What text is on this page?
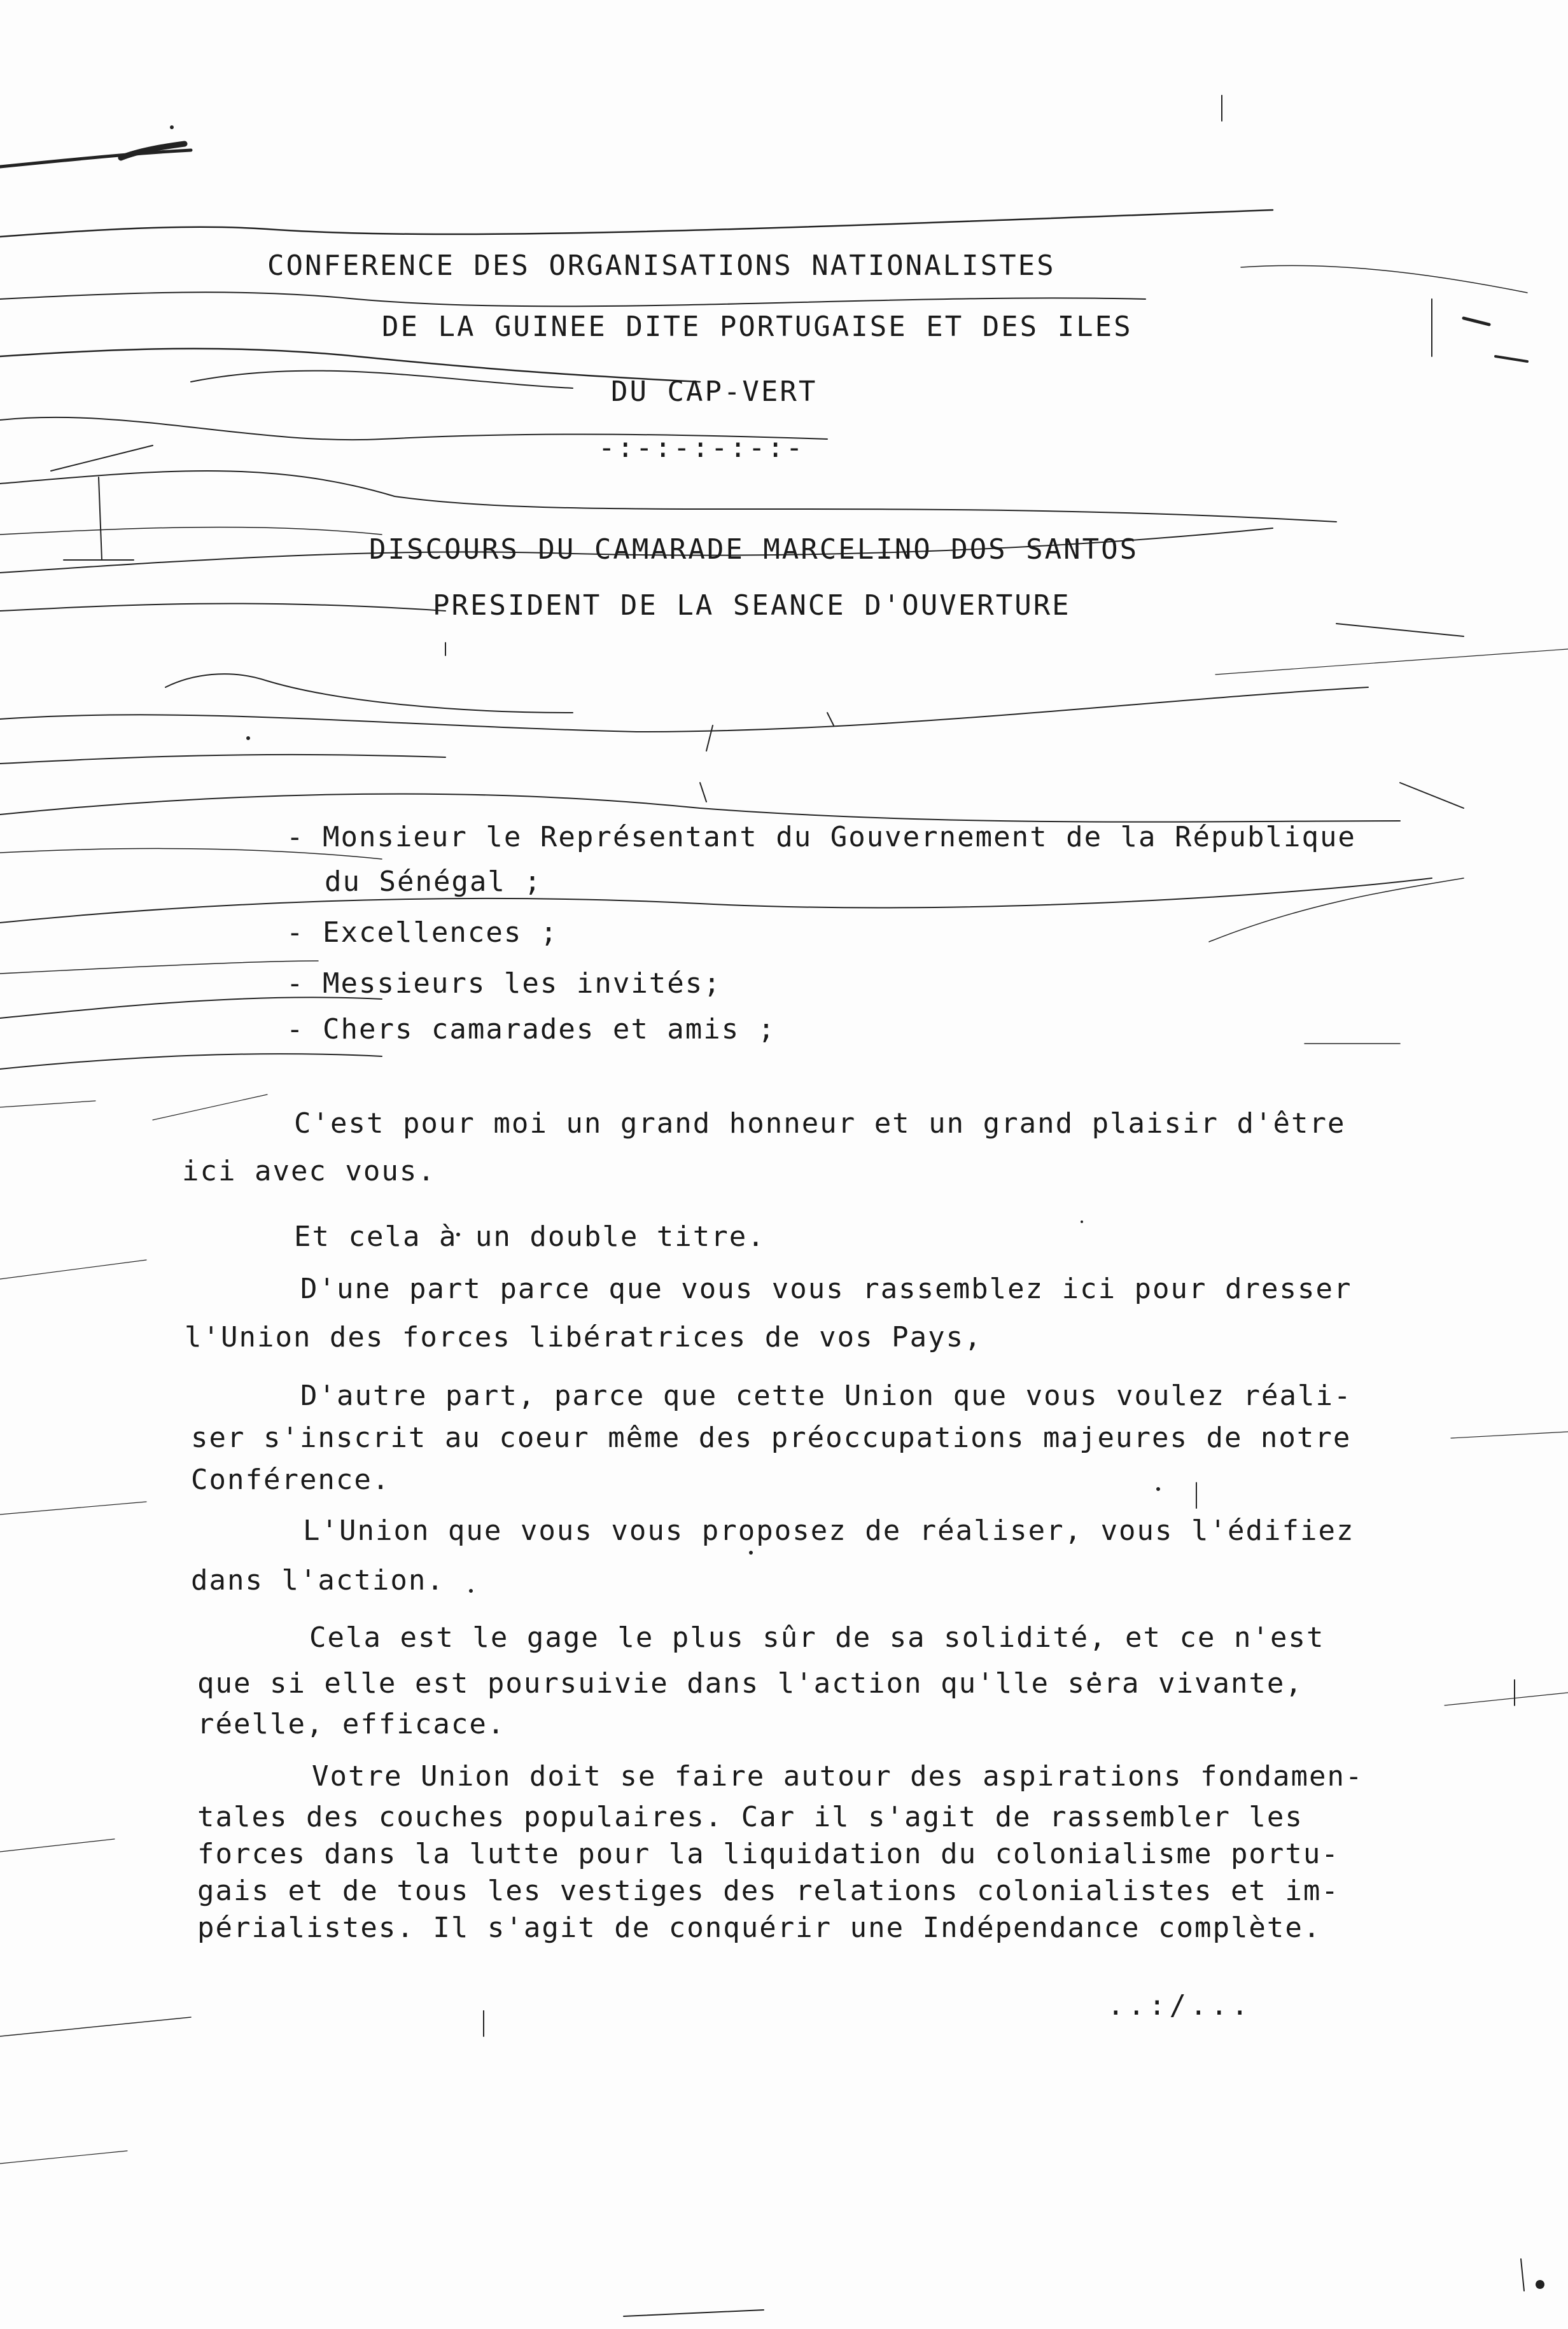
CONFERENCE DES ORGANISATIONS NATIONALISTES
DE LA GUINEE DITE PORTUGAISE ET DES ILES
DU CAP-VERT
-:-:-:-:-:-
DISCOURS DU CAMARADE MARCELINO DOS SANTOS
PRESIDENT DE LA SEANCE D'OUVERTURE
- Monsieur le Représentant du Gouvernement de la République
du Sénégal ;
- Excellences ;
- Messieurs les invités;
- Chers camarades et amis ;
C'est pour moi un grand honneur et un grand plaisir d'être
ici avec vous.
Et cela à un double titre.
D'une part parce que vous vous rassemblez ici pour dresser
l'Union des forces libératrices de vos Pays,
D'autre part, parce que cette Union que vous voulez réali-
ser s'inscrit au coeur même des préoccupations majeures de notre
Conférence.
L'Union que vous vous proposez de réaliser, vous l'édifiez
dans l'action.
Cela est le gage le plus sûr de sa solidité, et ce n'est
que si elle est poursuivie dans l'action qu'lle sera vivante,
réelle, efficace.
Votre Union doit se faire autour des aspirations fondamen-
tales des couches populaires. Car il s'agit de rassembler les
forces dans la lutte pour la liquidation du colonialisme portu-
gais et de tous les vestiges des relations colonialistes et im-
périalistes. Il s'agit de conquérir une Indépendance complète.
..:/...
